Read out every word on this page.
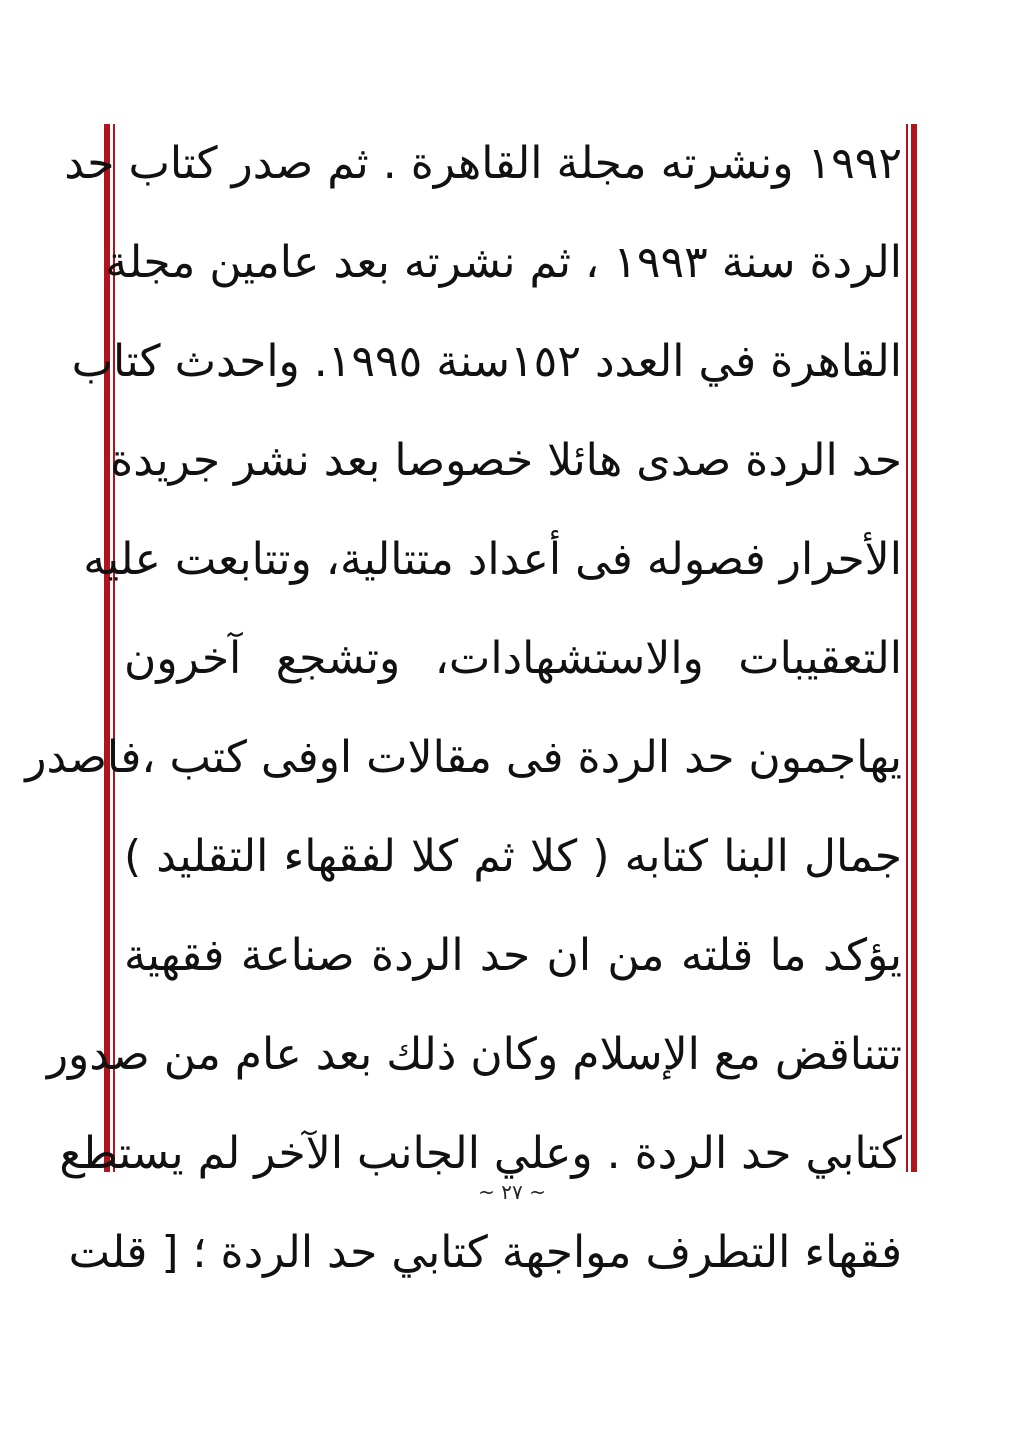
١٩٩٢ ونشرته مجلة القاهرة . ثم صدر كتاب حد
الردة سنة ١٩٩٣ ، ثم نشرته بعد عامين مجلة
القاهرة في العدد ١٥٢سنة ١٩٩٥. واحدث كتاب
حد الردة صدى هائلا خصوصا بعد نشر جريدة
الأحرار فصوله فى أعداد متتالية، وتتابعت عليه
التعقيبات والاستشهادات، وتشجع آخرون
يهاجمون حد الردة فى مقالات اوفى كتب ،فاصدر
جمال البنا كتابه ( كلا ثم كلا لفقهاء التقليد )
يؤكد ما قلته من ان حد الردة صناعة فقهية
تتناقض مع الإسلام وكان ذلك بعد عام من صدور
كتابي حد الردة . وعلي الجانب الآخر لم يستطع
فقهاء التطرف مواجهة كتابي حد الردة ؛ [ قلت
~ ٢٧ ~
